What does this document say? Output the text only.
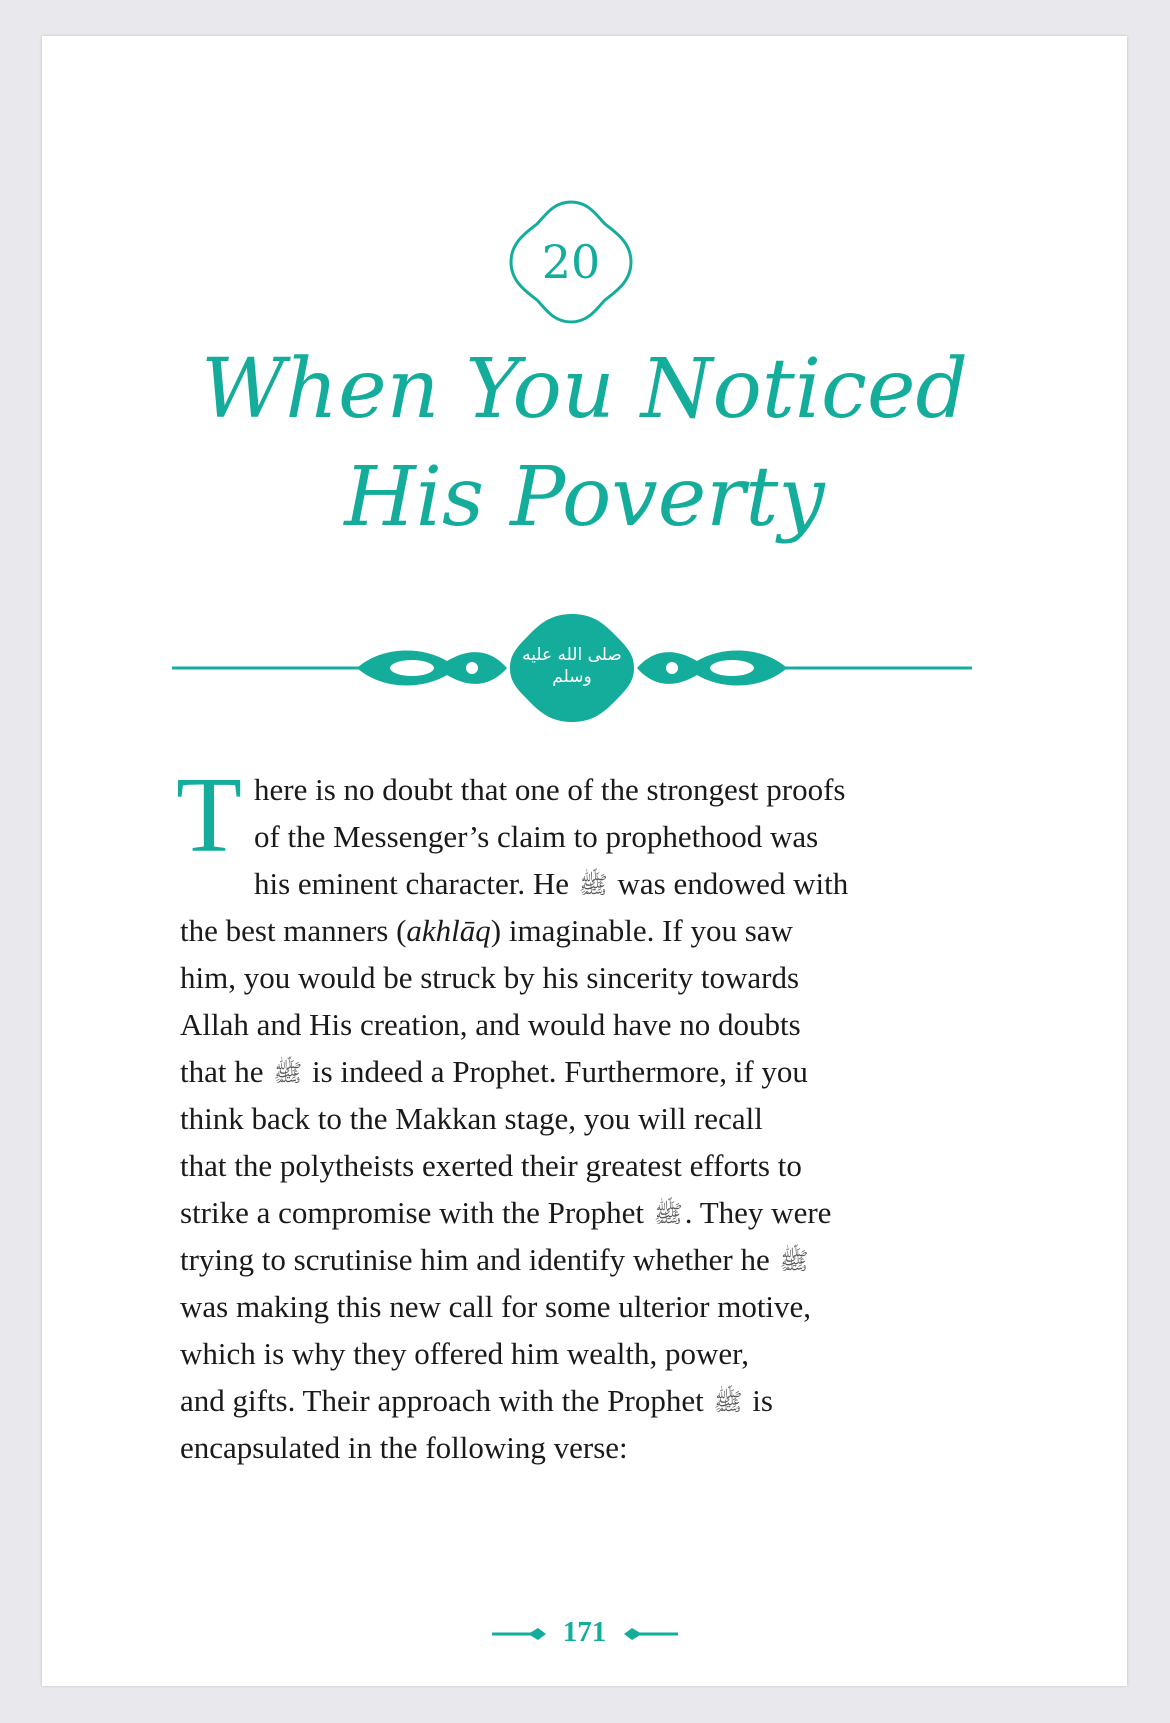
20
When You Noticed
His Poverty
صلى الله عليه وسلم
T here is no doubt that one of the strongest proofs
of the Messenger’s claim to prophethood was
his eminent character. He ﷺ was endowed with
the best manners (akhlāq) imaginable. If you saw
him, you would be struck by his sincerity towards
Allah and His creation, and would have no doubts
that he ﷺ is indeed a Prophet. Furthermore, if you
think back to the Makkan stage, you will recall
that the polytheists exerted their greatest efforts to
strike a compromise with the Prophet ﷺ. They were
trying to scrutinise him and identify whether he ﷺ
was making this new call for some ulterior motive,
which is why they offered him wealth, power,
and gifts. Their approach with the Prophet ﷺ is
encapsulated in the following verse:
171
